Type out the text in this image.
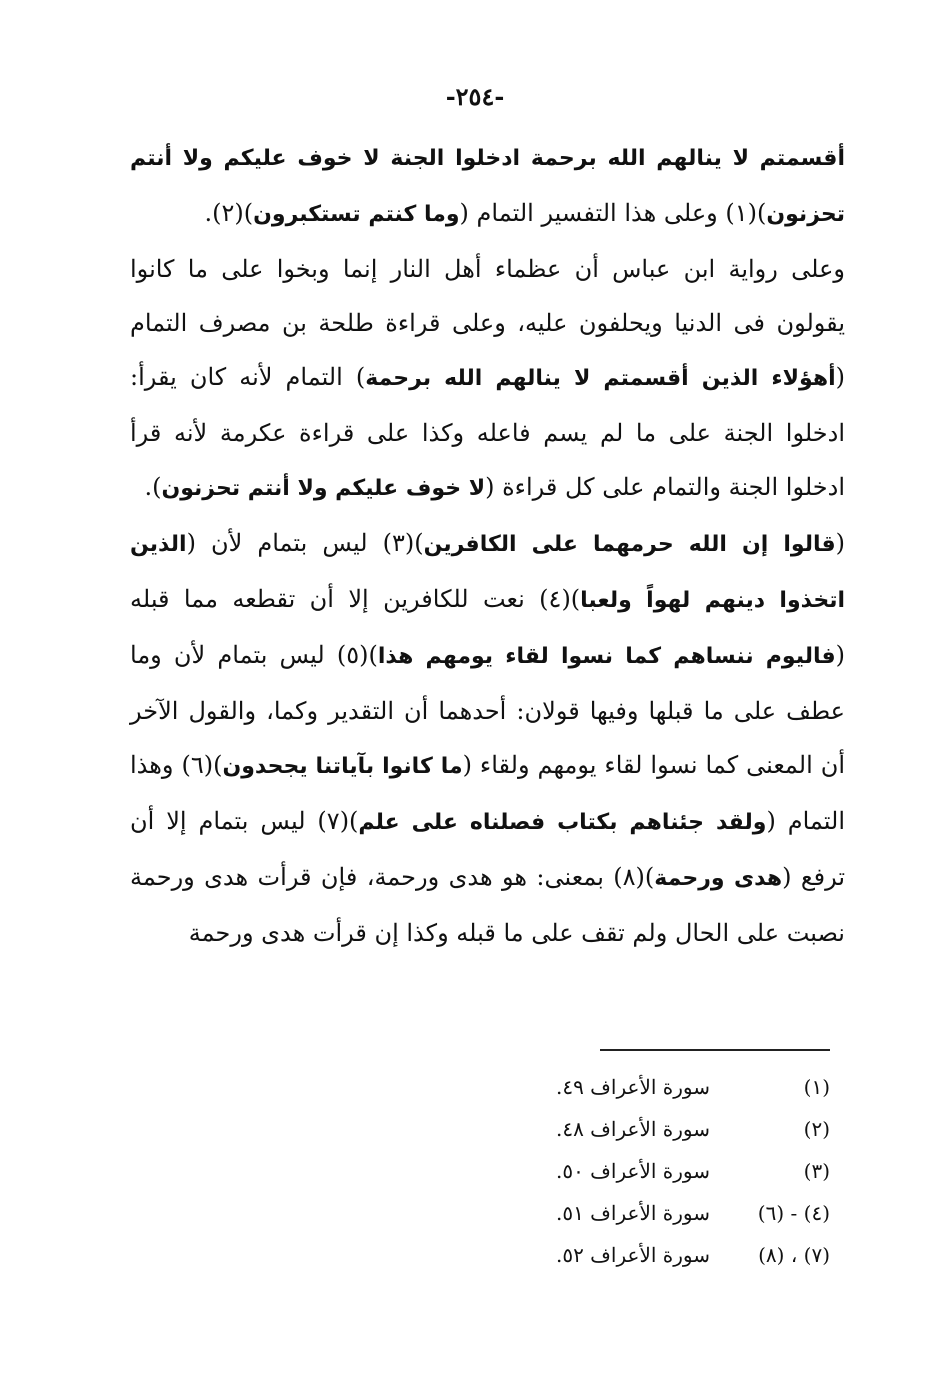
-٢٥٤-

أقسمتم لا ينالهم الله برحمة ادخلوا الجنة لا خوف عليكم ولا أنتم تحزنون)(١) وعلى هذا التفسير التمام (وما كنتم تستكبرون)(٢).

وعلى رواية ابن عباس أن عظماء أهل النار إنما وبخوا على ما كانوا يقولون فى الدنيا ويحلفون عليه، وعلى قراءة طلحة بن مصرف التمام (أهؤلاء الذين أقسمتم لا ينالهم الله برحمة) التمام لأنه كان يقرأ: ادخلوا الجنة على ما لم يسم فاعله وكذا على قراءة عكرمة لأنه قرأ ادخلوا الجنة والتمام على كل قراءة (لا خوف عليكم ولا أنتم تحزنون).

(قالوا إن الله حرمهما على الكافرين)(٣) ليس بتمام لأن (الذين اتخذوا دينهم لهواً ولعبا)(٤) نعت للكافرين إلا أن تقطعه مما قبله (فاليوم ننساهم كما نسوا لقاء يومهم هذا)(٥) ليس بتمام لأن وما عطف على ما قبلها وفيها قولان: أحدهما أن التقدير وكما، والقول الآخر أن المعنى كما نسوا لقاء يومهم ولقاء (ما كانوا بآياتنا يجحدون)(٦) وهذا التمام (ولقد جئناهم بكتاب فصلناه على علم)(٧) ليس بتمام إلا أن ترفع (هدى ورحمة)(٨) بمعنى: هو هدى ورحمة، فإن قرأت هدى ورحمة نصبت على الحال ولم تقف على ما قبله وكذا إن قرأت هدى ورحمة

(١)
سورة الأعراف ٤٩.
(٢)
سورة الأعراف ٤٨.
(٣)
سورة الأعراف ٥٠.
(٤) - (٦)
سورة الأعراف ٥١.
(٧) ، (٨)
سورة الأعراف ٥٢.
